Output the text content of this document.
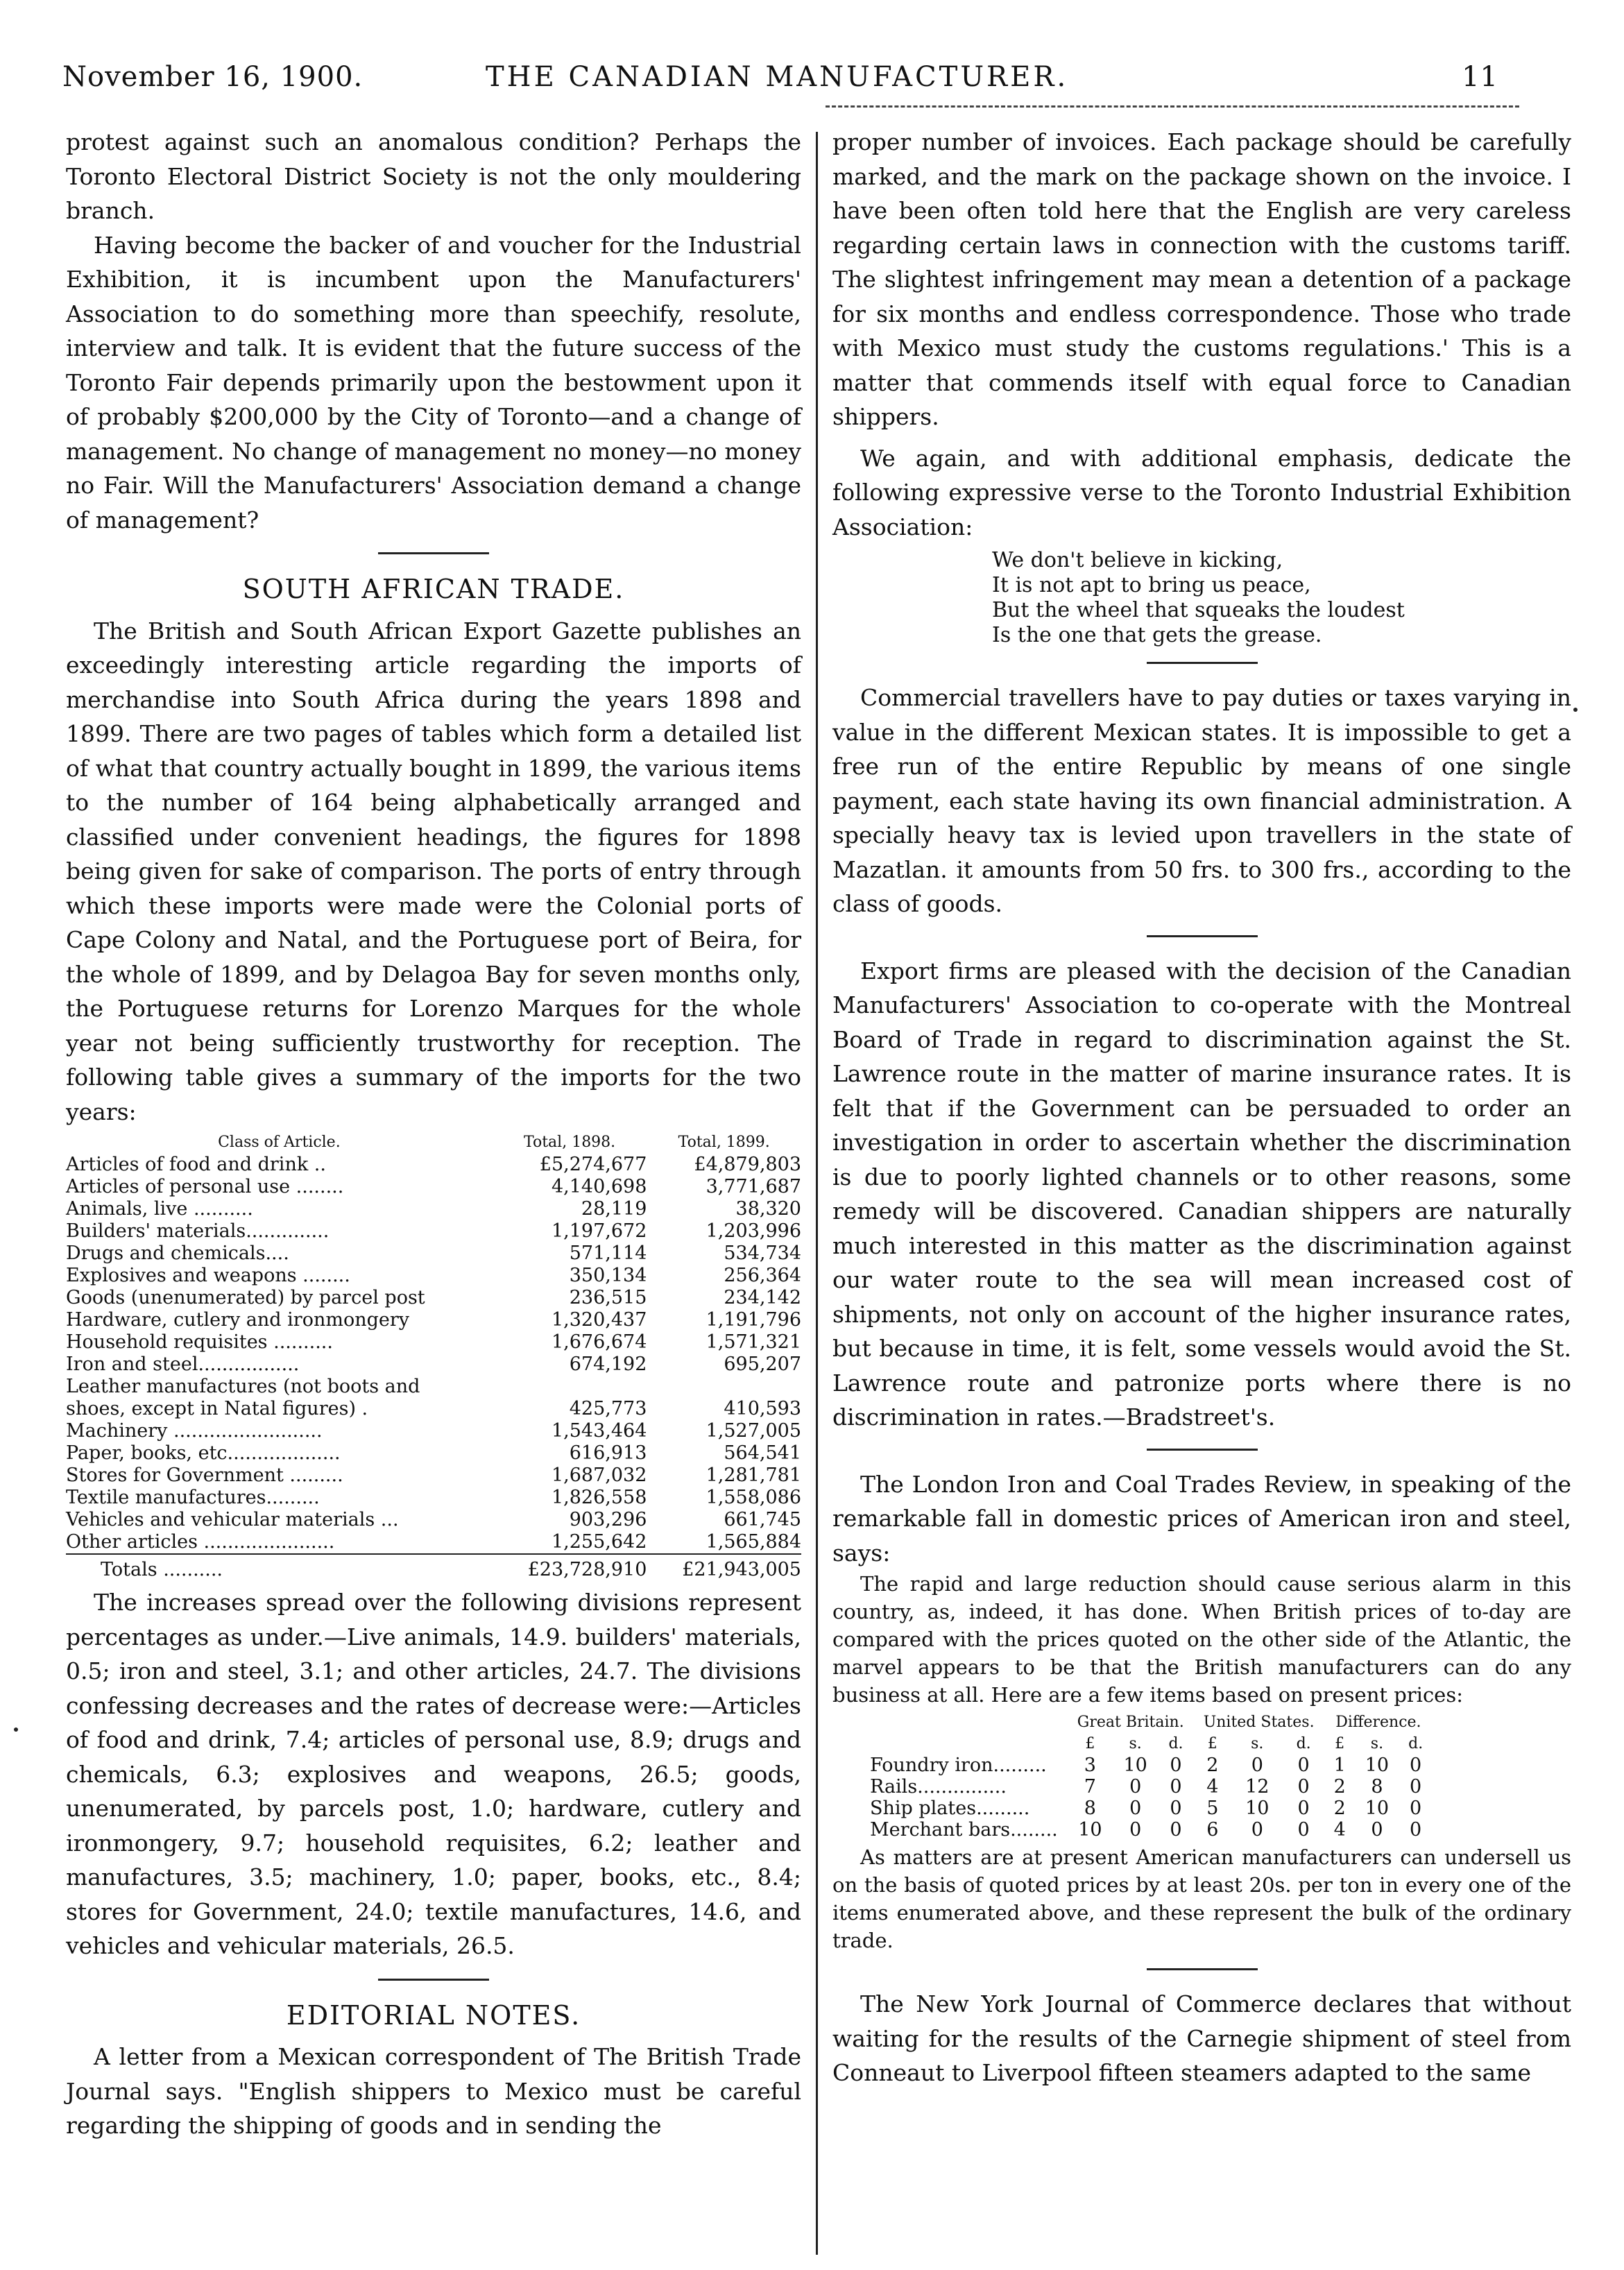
November 16, 1900.	THE CANADIAN MANUFACTURER.	11

protest against such an anomalous condition? Perhaps the Toronto Electoral District Society is not the only mouldering branch.

Having become the backer of and voucher for the Industrial Exhibition, it is incumbent upon the Manufacturers' Association to do something more than speechify, resolute, interview and talk. It is evident that the future success of the Toronto Fair depends primarily upon the bestowment upon it of probably $200,000 by the City of Toronto—and a change of management. No change of management no money—no money no Fair. Will the Manufacturers' Association demand a change of management?

SOUTH AFRICAN TRADE.

The British and South African Export Gazette publishes an exceedingly interesting article regarding the imports of merchandise into South Africa during the years 1898 and 1899. There are two pages of tables which form a detailed list of what that country actually bought in 1899, the various items to the number of 164 being alphabetically arranged and classified under convenient headings, the figures for 1898 being given for sake of comparison. The ports of entry through which these imports were made were the Colonial ports of Cape Colony and Natal, and the Portuguese port of Beira, for the whole of 1899, and by Delagoa Bay for seven months only, the Portuguese returns for Lorenzo Marques for the whole year not being sufficiently trustworthy for reception. The following table gives a summary of the imports for the two years:

Class of Article.	Total, 1898.	Total, 1899.
Articles of food and drink ..	£5,274,677	£4,879,803
Articles of personal use ........	4,140,698	3,771,687
Animals, live ..........	28,119	38,320
Builders' materials..............	1,197,672	1,203,996
Drugs and chemicals....	571,114	534,734
Explosives and weapons ........	350,134	256,364
Goods (unenumerated) by parcel post	236,515	234,142
Hardware, cutlery and ironmongery	1,320,437	1,191,796
Household requisites ..........	1,676,674	1,571,321
Iron and steel.................	674,192	695,207
Leather manufactures (not boots and		
shoes, except in Natal figures) .	425,773	410,593
Machinery .........................	1,543,464	1,527,005
Paper, books, etc...................	616,913	564,541
Stores for Government .........	1,687,032	1,281,781
Textile manufactures.........	1,826,558	1,558,086
Vehicles and vehicular materials ...	903,296	661,745
Other articles ......................	1,255,642	1,565,884
Totals ..........	£23,728,910	£21,943,005

The increases spread over the following divisions represent percentages as under.—Live animals, 14.9. builders' materials, 0.5; iron and steel, 3.1; and other articles, 24.7. The divisions confessing decreases and the rates of decrease were:—Articles of food and drink, 7.4; articles of personal use, 8.9; drugs and chemicals, 6.3; explosives and weapons, 26.5; goods, unenumerated, by parcels post, 1.0; hardware, cutlery and ironmongery, 9.7; household requisites, 6.2; leather and manufactures, 3.5; machinery, 1.0; paper, books, etc., 8.4; stores for Government, 24.0; textile manufactures, 14.6, and vehicles and vehicular materials, 26.5.

EDITORIAL NOTES.

A letter from a Mexican correspondent of The British Trade Journal says. "English shippers to Mexico must be careful regarding the shipping of goods and in sending the

proper number of invoices. Each package should be carefully marked, and the mark on the package shown on the invoice. I have been often told here that the English are very careless regarding certain laws in connection with the customs tariff. The slightest infringement may mean a detention of a package for six months and endless correspondence. Those who trade with Mexico must study the customs regulations.' This is a matter that commends itself with equal force to Canadian shippers.

We again, and with additional emphasis, dedicate the following expressive verse to the Toronto Industrial Exhibition Association:

We don't believe in kicking,
It is not apt to bring us peace,
But the wheel that squeaks the loudest
Is the one that gets the grease.

Commercial travellers have to pay duties or taxes varying in value in the different Mexican states. It is impossible to get a free run of the entire Republic by means of one single payment, each state having its own financial administration. A specially heavy tax is levied upon travellers in the state of Mazatlan. it amounts from 50 frs. to 300 frs., according to the class of goods.

Export firms are pleased with the decision of the Canadian Manufacturers' Association to co-operate with the Montreal Board of Trade in regard to discrimination against the St. Lawrence route in the matter of marine insurance rates. It is felt that if the Government can be persuaded to order an investigation in order to ascertain whether the discrimination is due to poorly lighted channels or to other reasons, some remedy will be discovered. Canadian shippers are naturally much interested in this matter as the discrimination against our water route to the sea will mean increased cost of shipments, not only on account of the higher insurance rates, but because in time, it is felt, some vessels would avoid the St. Lawrence route and patronize ports where there is no discrimination in rates.—Bradstreet's.

The London Iron and Coal Trades Review, in speaking of the remarkable fall in domestic prices of American iron and steel, says:

The rapid and large reduction should cause serious alarm in this country, as, indeed, it has done. When British prices of to-day are compared with the prices quoted on the other side of the Atlantic, the marvel appears to be that the British manufacturers can do any business at all. Here are a few items based on present prices:

	Great Britain.			United States.			Difference.		
	£	s.	d.	£	s.	d.	£	s.	d.
Foundry iron.........	3	10	0	2	0	0	1	10	0
Rails...............	7	0	0	4	12	0	2	8	0
Ship plates.........	8	0	0	5	10	0	2	10	0
Merchant bars........	10	0	0	6	0	0	4	0	0

As matters are at present American manufacturers can undersell us on the basis of quoted prices by at least 20s. per ton in every one of the items enumerated above, and these represent the bulk of the ordinary trade.

The New York Journal of Commerce declares that without waiting for the results of the Carnegie shipment of steel from Conneaut to Liverpool fifteen steamers adapted to the same
